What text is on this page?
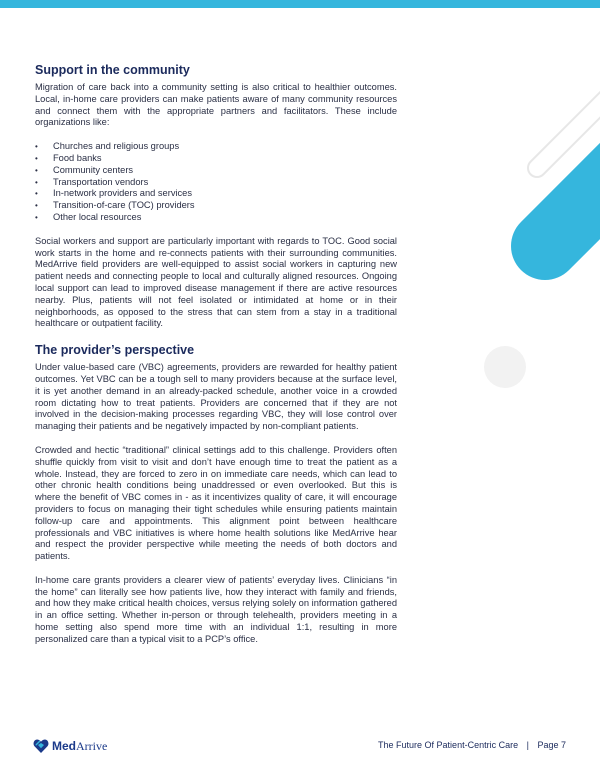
Support in the community

Migration of care back into a community setting is also critical to healthier outcomes. Local, in-home care providers can make patients aware of many community resources and connect them with the appropriate partners and facilitators. These include organizations like:

• Churches and religious groups
• Food banks
• Community centers
• Transportation vendors
• In-network providers and services
• Transition-of-care (TOC) providers
• Other local resources

Social workers and support are particularly important with regards to TOC. Good social work starts in the home and re-connects patients with their surrounding communities. MedArrive field providers are well-equipped to assist social workers in capturing new patient needs and connecting people to local and culturally aligned resources. Ongoing local support can lead to improved disease management if there are active resources nearby. Plus, patients will not feel isolated or intimidated at home or in their neighborhoods, as opposed to the stress that can stem from a stay in a traditional healthcare or outpatient facility.

The provider’s perspective

Under value-based care (VBC) agreements, providers are rewarded for healthy patient outcomes. Yet VBC can be a tough sell to many providers because at the surface level, it is yet another demand in an already-packed schedule, another voice in a crowded room dictating how to treat patients. Providers are concerned that if they are not involved in the decision-making processes regarding VBC, they will lose control over managing their patients and be negatively impacted by non-compliant patients.

Crowded and hectic “traditional” clinical settings add to this challenge. Providers often shuffle quickly from visit to visit and don’t have enough time to treat the patient as a whole. Instead, they are forced to zero in on immediate care needs, which can lead to other chronic health conditions being unaddressed or even overlooked. But this is where the benefit of VBC comes in - as it incentivizes quality of care, it will encourage providers to focus on managing their tight schedules while ensuring patients maintain follow-up care and appointments. This alignment point between healthcare professionals and VBC initiatives is where home health solutions like MedArrive hear and respect the provider perspective while meeting the needs of both doctors and patients.

In-home care grants providers a clearer view of patients’ everyday lives. Clinicians “in the home” can literally see how patients live, how they interact with family and friends, and how they make critical health choices, versus relying solely on information gathered in an office setting. Whether in-person or through telehealth, providers meeting in a home setting also spend more time with an individual 1:1, resulting in more personalized care than a typical visit to a PCP’s office.

MedArrive	The Future Of Patient-Centric Care | Page 7
